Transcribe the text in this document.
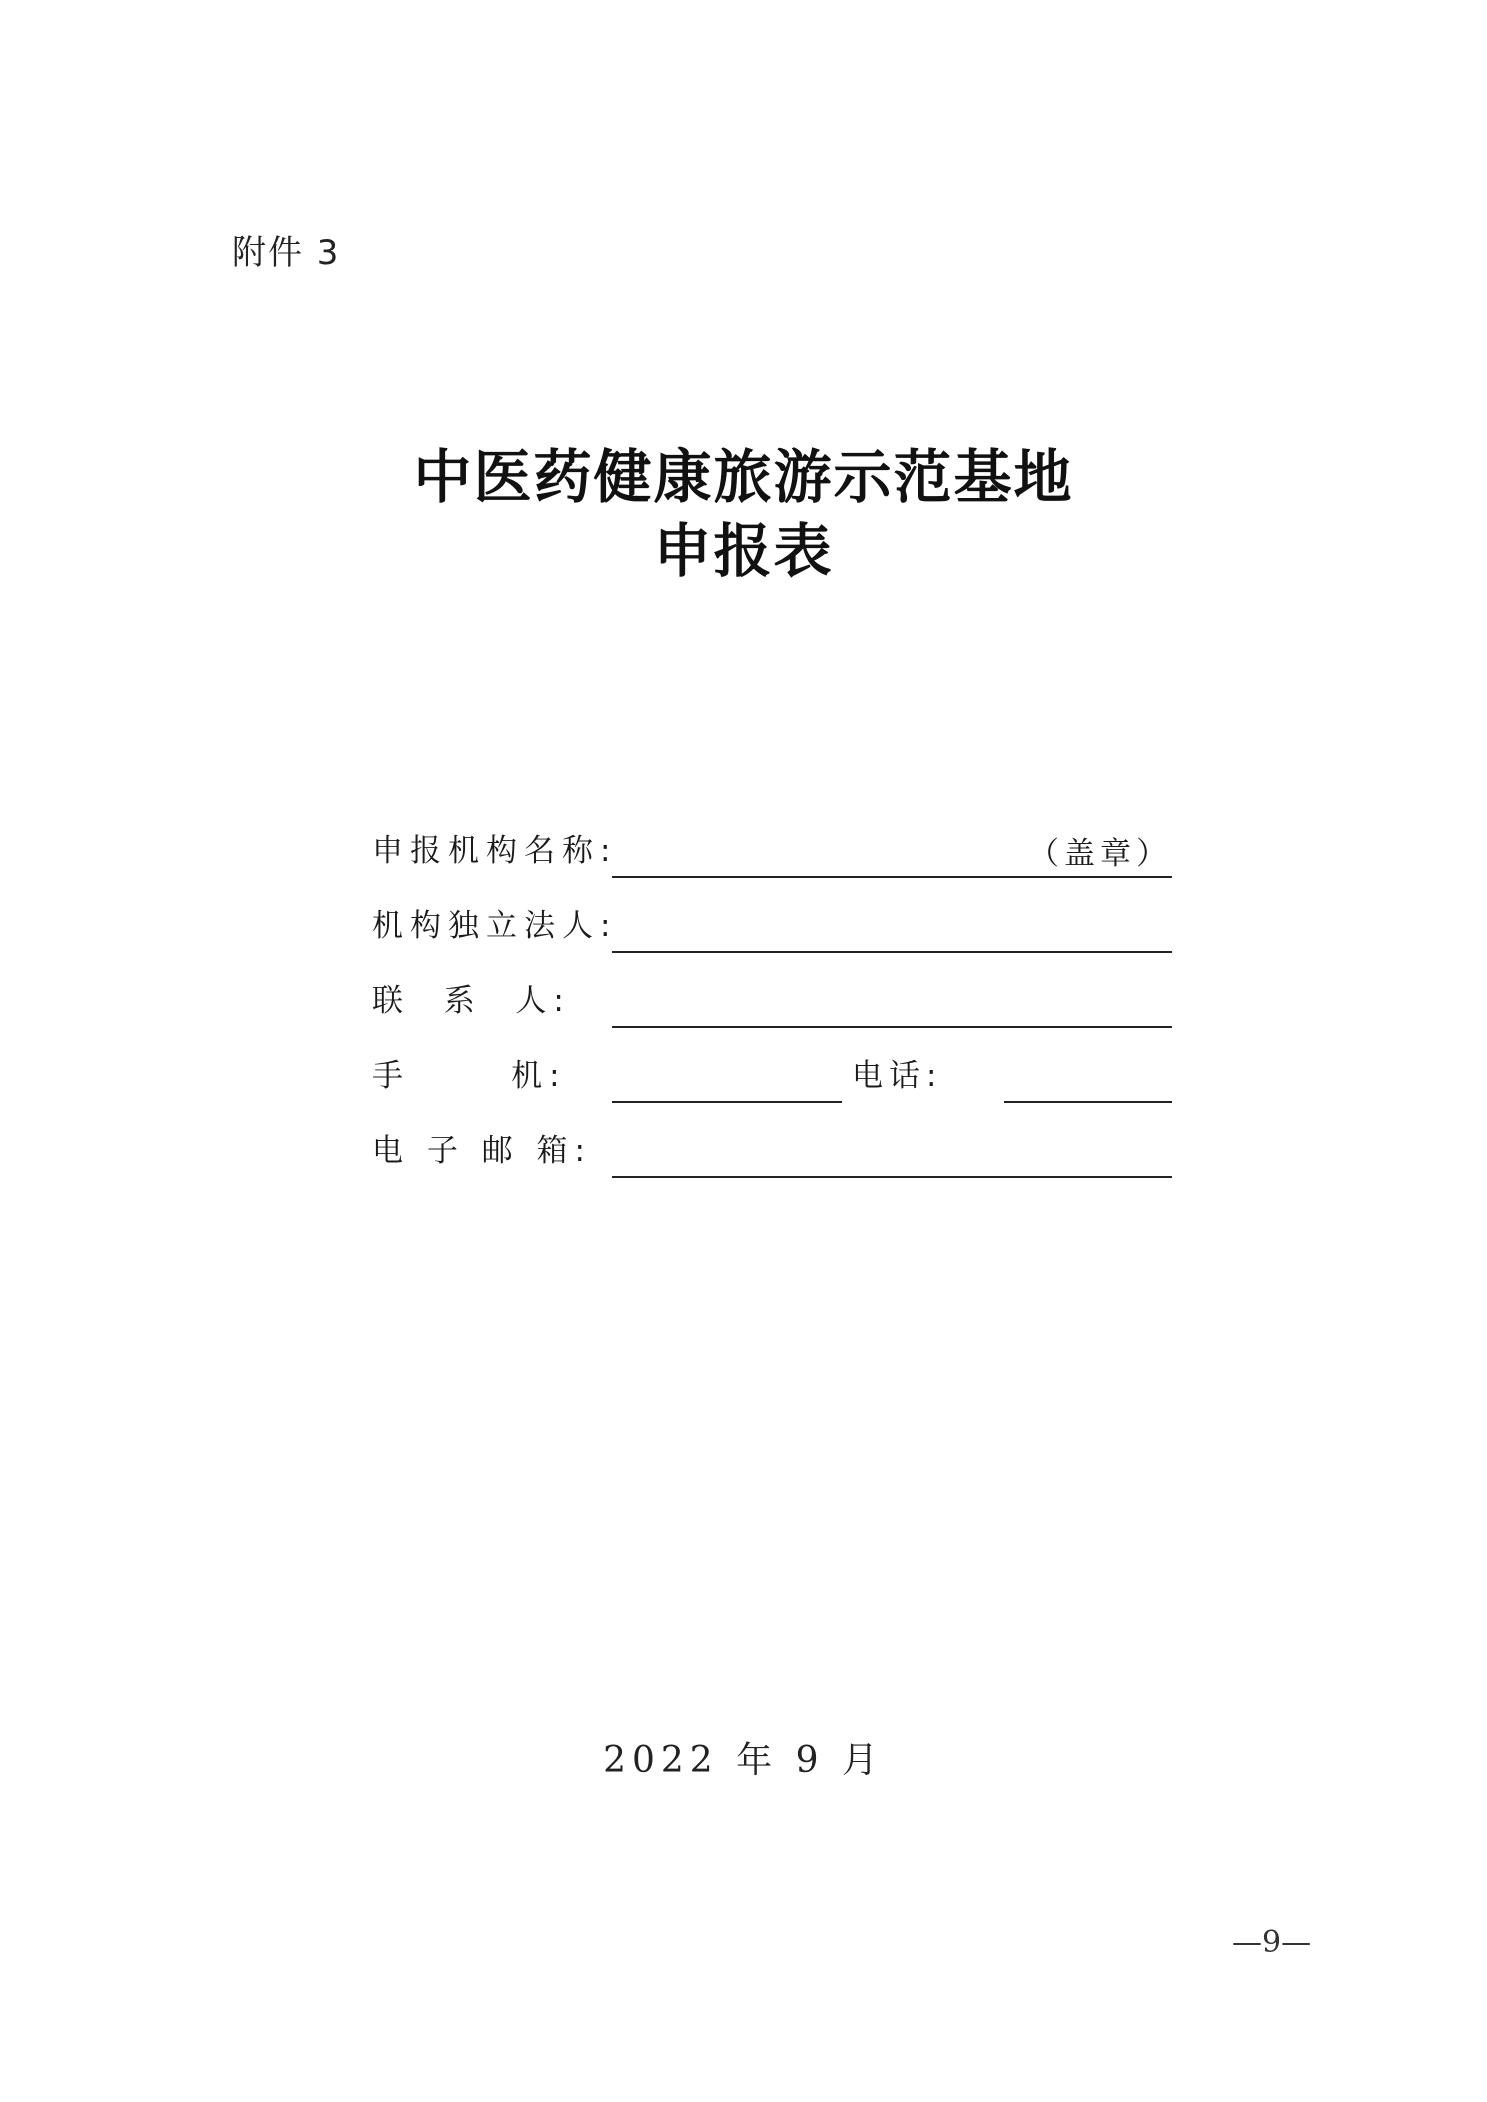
附件 3
中医药健康旅游示范基地
申报表
申报机构名称:	（盖章）
机构独立法人:
联  系  人:
手      机:	电话:
电 子 邮 箱:
2022 年 9 月
—9—
